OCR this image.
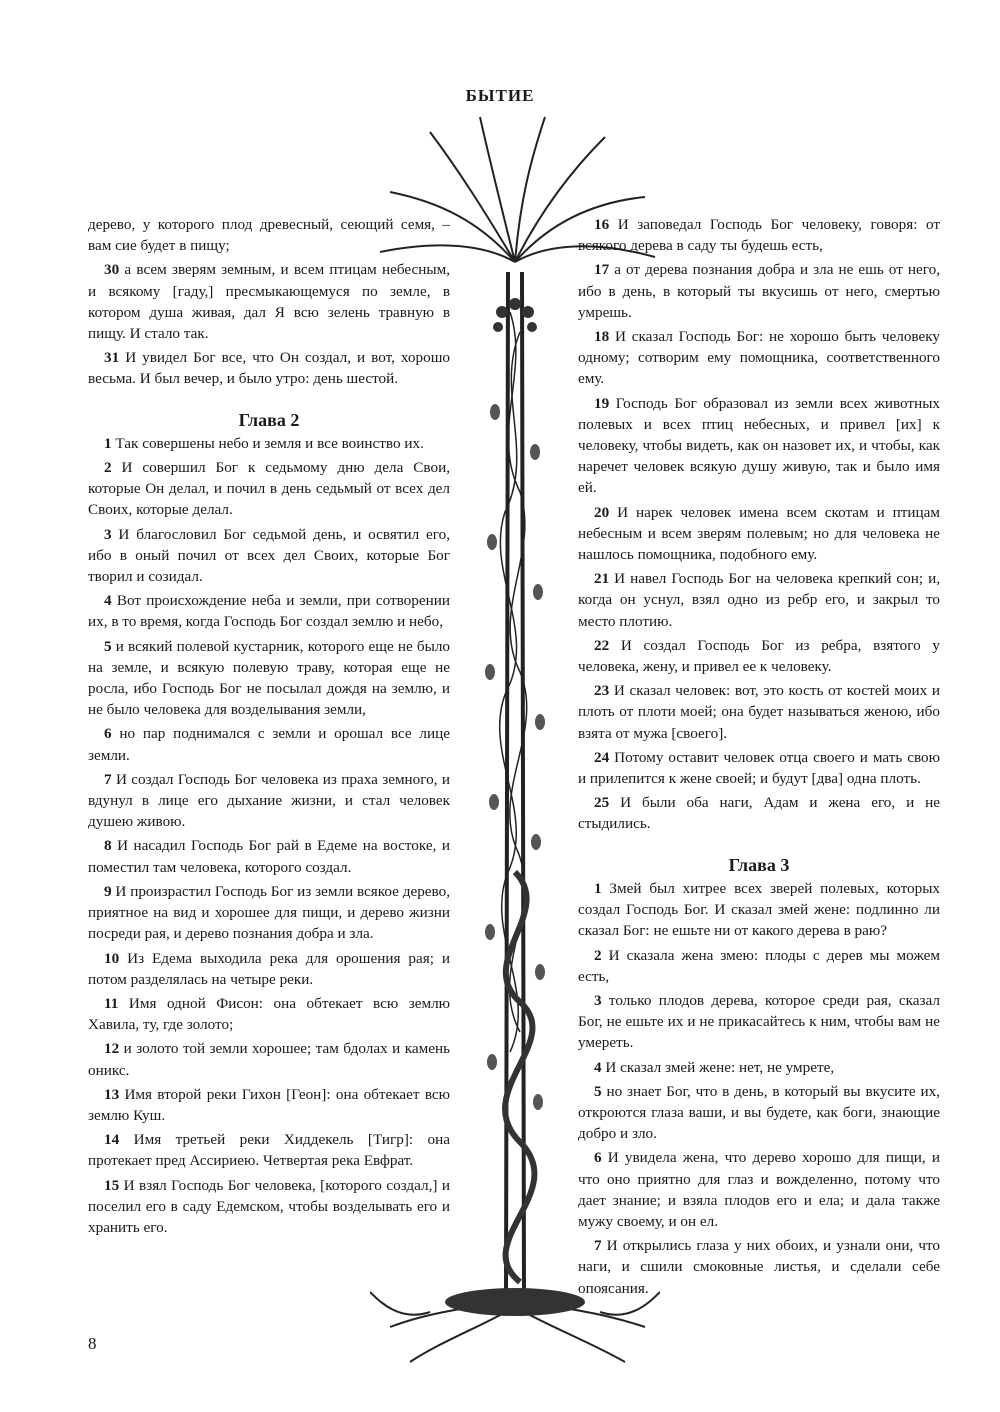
БЫТИЕ

дерево, у которого плод древесный, сеющий семя, – вам сие будет в пищу;

30 а всем зверям земным, и всем птицам небесным, и всякому [гаду,] пресмыкающемуся по земле, в котором душа живая, дал Я всю зелень травную в пищу. И стало так.

31 И увидел Бог все, что Он создал, и вот, хорошо весьма. И был вечер, и было утро: день шестой.

Глава 2

1 Так совершены небо и земля и все воинство их.

2 И совершил Бог к седьмому дню дела Свои, которые Он делал, и почил в день седьмый от всех дел Своих, которые делал.

3 И благословил Бог седьмой день, и освятил его, ибо в оный почил от всех дел Своих, которые Бог творил и созидал.

4 Вот происхождение неба и земли, при сотворении их, в то время, когда Господь Бог создал землю и небо,

5 и всякий полевой кустарник, которого еще не было на земле, и всякую полевую траву, которая еще не росла, ибо Господь Бог не посылал дождя на землю, и не было человека для возделывания земли,

6 но пар поднимался с земли и орошал все лице земли.

7 И создал Господь Бог человека из праха земного, и вдунул в лице его дыхание жизни, и стал человек душею живою.

8 И насадил Господь Бог рай в Едеме на востоке, и поместил там человека, которого создал.

9 И произрастил Господь Бог из земли всякое дерево, приятное на вид и хорошее для пищи, и дерево жизни посреди рая, и дерево познания добра и зла.

10 Из Едема выходила река для орошения рая; и потом разделялась на четыре реки.

11 Имя одной Фисон: она обтекает всю землю Хавила, ту, где золото;

12 и золото той земли хорошее; там бдолах и камень оникс.

13 Имя второй реки Гихон [Геон]: она обтекает всю землю Куш.

14 Имя третьей реки Хиддекель [Тигр]: она протекает пред Ассириею. Четвертая река Евфрат.

15 И взял Господь Бог человека, [которого создал,] и поселил его в саду Едемском, чтобы возделывать его и хранить его.

16 И заповедал Господь Бог человеку, говоря: от всякого дерева в саду ты будешь есть,

17 а от дерева познания добра и зла не ешь от него, ибо в день, в который ты вкусишь от него, смертью умрешь.

18 И сказал Господь Бог: не хорошо быть человеку одному; сотворим ему помощника, соответственного ему.

19 Господь Бог образовал из земли всех животных полевых и всех птиц небесных, и привел [их] к человеку, чтобы видеть, как он назовет их, и чтобы, как наречет человек всякую душу живую, так и было имя ей.

20 И нарек человек имена всем скотам и птицам небесным и всем зверям полевым; но для человека не нашлось помощника, подобного ему.

21 И навел Господь Бог на человека крепкий сон; и, когда он уснул, взял одно из ребр его, и закрыл то место плотию.

22 И создал Господь Бог из ребра, взятого у человека, жену, и привел ее к человеку.

23 И сказал человек: вот, это кость от костей моих и плоть от плоти моей; она будет называться женою, ибо взята от мужа [своего].

24 Потому оставит человек отца своего и мать свою и прилепится к жене своей; и будут [два] одна плоть.

25 И были оба наги, Адам и жена его, и не стыдились.

Глава 3

1 Змей был хитрее всех зверей полевых, которых создал Господь Бог. И сказал змей жене: подлинно ли сказал Бог: не ешьте ни от какого дерева в раю?

2 И сказала жена змею: плоды с дерев мы можем есть,

3 только плодов дерева, которое среди рая, сказал Бог, не ешьте их и не прикасайтесь к ним, чтобы вам не умереть.

4 И сказал змей жене: нет, не умрете,

5 но знает Бог, что в день, в который вы вкусите их, откроются глаза ваши, и вы будете, как боги, знающие добро и зло.

6 И увидела жена, что дерево хорошо для пищи, и что оно приятно для глаз и вожделенно, потому что дает знание; и взяла плодов его и ела; и дала также мужу своему, и он ел.

7 И открылись глаза у них обоих, и узнали они, что наги, и сшили смоковные листья, и сделали себе опоясания.

8
